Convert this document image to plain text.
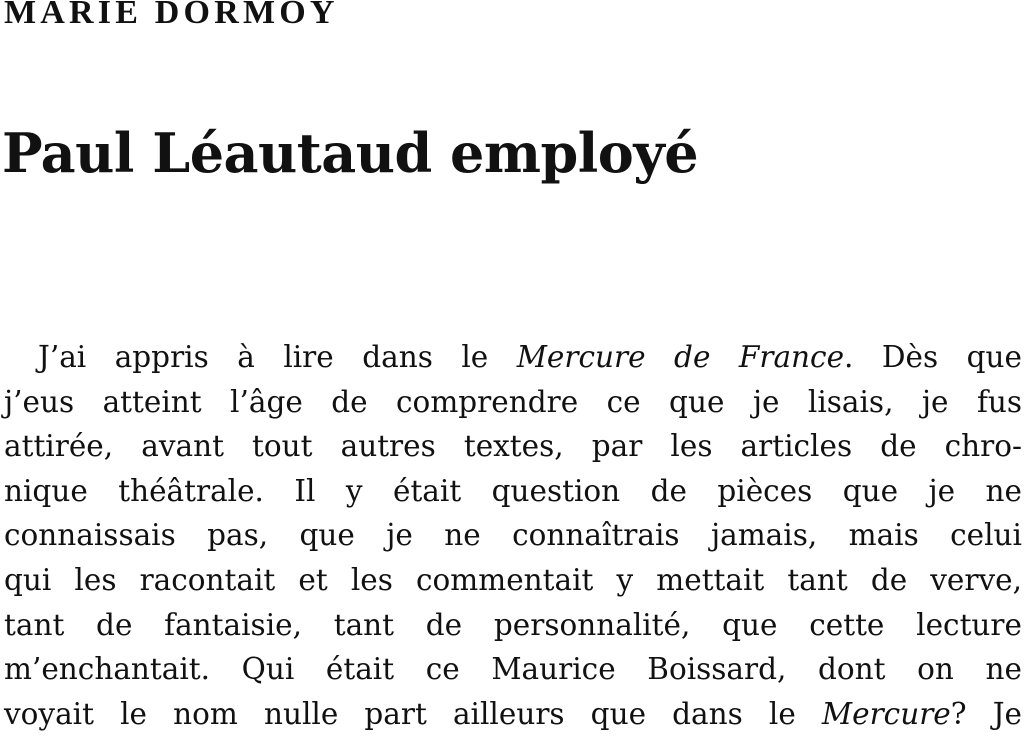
MARIE DORMOY
Paul Léautaud employé
J’ai appris à lire dans le Mercure de France. Dès que
j’eus atteint l’âge de comprendre ce que je lisais, je fus
attirée, avant tout autres textes, par les articles de chro-
nique théâtrale. Il y était question de pièces que je ne
connaissais pas, que je ne connaîtrais jamais, mais celui
qui les racontait et les commentait y mettait tant de verve,
tant de fantaisie, tant de personnalité, que cette lecture
m’enchantait. Qui était ce Maurice Boissard, dont on ne
voyait le nom nulle part ailleurs que dans le Mercure? Je
